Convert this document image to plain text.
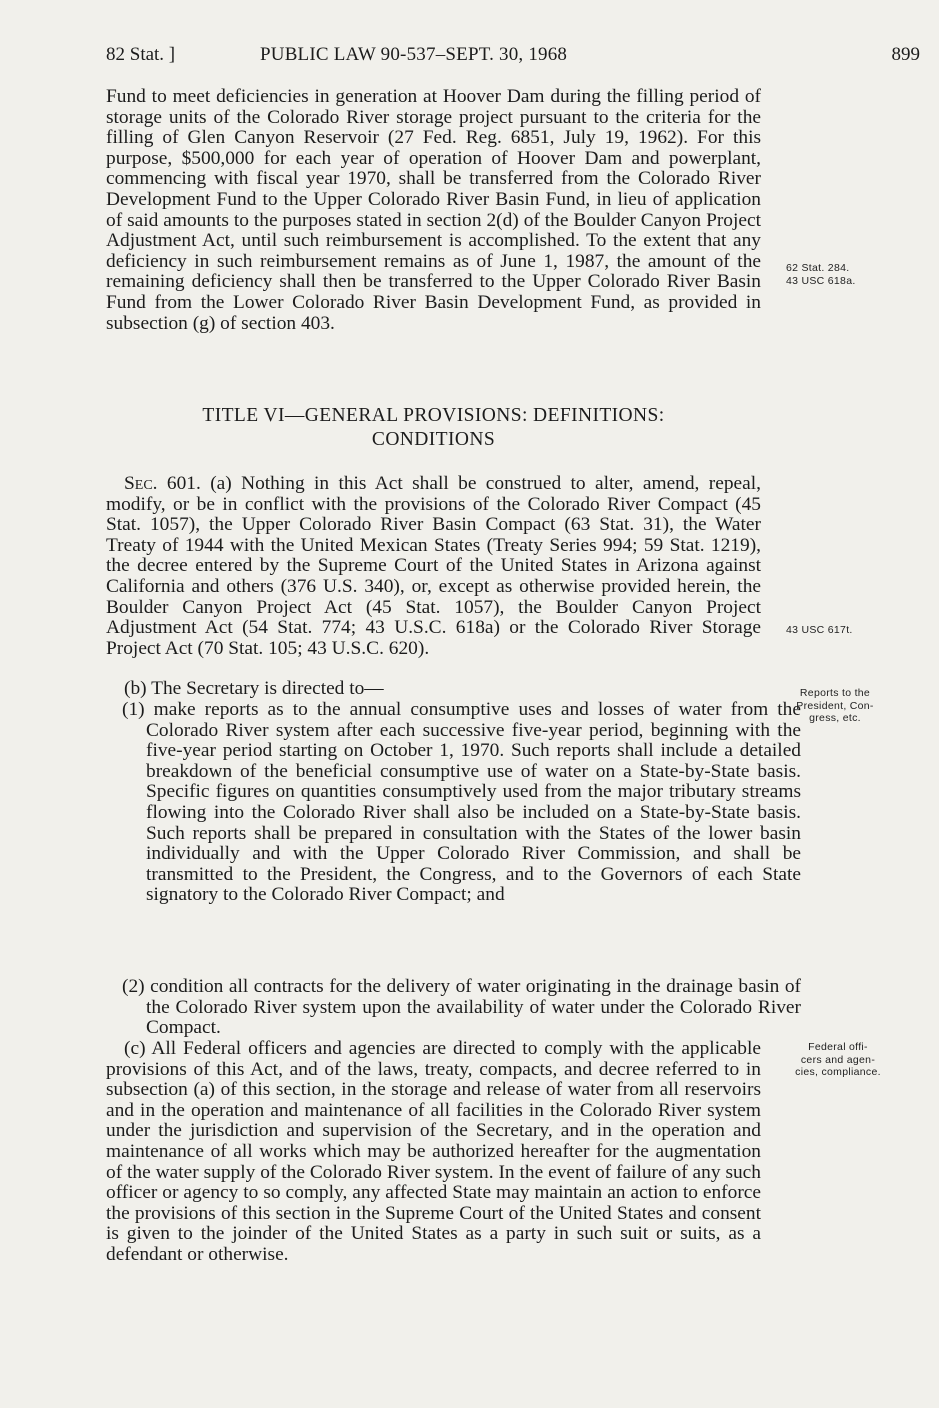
82 Stat. ]	PUBLIC LAW 90-537–SEPT. 30, 1968	899

Fund to meet deficiencies in generation at Hoover Dam during the filling period of storage units of the Colorado River storage project pursuant to the criteria for the filling of Glen Canyon Reservoir (27 Fed. Reg. 6851, July 19, 1962). For this purpose, $500,000 for each year of operation of Hoover Dam and powerplant, commencing with fiscal year 1970, shall be transferred from the Colorado River Development Fund to the Upper Colorado River Basin Fund, in lieu of application of said amounts to the purposes stated in section 2(d) of the Boulder Canyon Project Adjustment Act, until such reimbursement is accomplished. To the extent that any deficiency in such reimbursement remains as of June 1, 1987, the amount of the remaining deficiency shall then be transferred to the Upper Colorado River Basin Fund from the Lower Colorado River Basin Development Fund, as provided in subsection (g) of section 403.

TITLE VI—GENERAL PROVISIONS: DEFINITIONS:
CONDITIONS

Sec. 601. (a) Nothing in this Act shall be construed to alter, amend, repeal, modify, or be in conflict with the provisions of the Colorado River Compact (45 Stat. 1057), the Upper Colorado River Basin Compact (63 Stat. 31), the Water Treaty of 1944 with the United Mexican States (Treaty Series 994; 59 Stat. 1219), the decree entered by the Supreme Court of the United States in Arizona against California and others (376 U.S. 340), or, except as otherwise provided herein, the Boulder Canyon Project Act (45 Stat. 1057), the Boulder Canyon Project Adjustment Act (54 Stat. 774; 43 U.S.C. 618a) or the Colorado River Storage Project Act (70 Stat. 105; 43 U.S.C. 620).

(b) The Secretary is directed to—

(1) make reports as to the annual consumptive uses and losses of water from the Colorado River system after each successive five-year period, beginning with the five-year period starting on October 1, 1970. Such reports shall include a detailed breakdown of the beneficial consumptive use of water on a State-by-State basis. Specific figures on quantities consumptively used from the major tributary streams flowing into the Colorado River shall also be included on a State-by-State basis. Such reports shall be prepared in consultation with the States of the lower basin individually and with the Upper Colorado River Commission, and shall be transmitted to the President, the Congress, and to the Governors of each State signatory to the Colorado River Compact; and

(2) condition all contracts for the delivery of water originating in the drainage basin of the Colorado River system upon the availability of water under the Colorado River Compact.

(c) All Federal officers and agencies are directed to comply with the applicable provisions of this Act, and of the laws, treaty, compacts, and decree referred to in subsection (a) of this section, in the storage and release of water from all reservoirs and in the operation and maintenance of all facilities in the Colorado River system under the jurisdiction and supervision of the Secretary, and in the operation and maintenance of all works which may be authorized hereafter for the augmentation of the water supply of the Colorado River system. In the event of failure of any such officer or agency to so comply, any affected State may maintain an action to enforce the provisions of this section in the Supreme Court of the United States and consent is given to the joinder of the United States as a party in such suit or suits, as a defendant or otherwise.

62 Stat. 284.
43 USC 618a.
43 USC 617t.
Reports to the
President, Con-
gress, etc.
Federal offi-
cers and agen-
cies, compliance.
